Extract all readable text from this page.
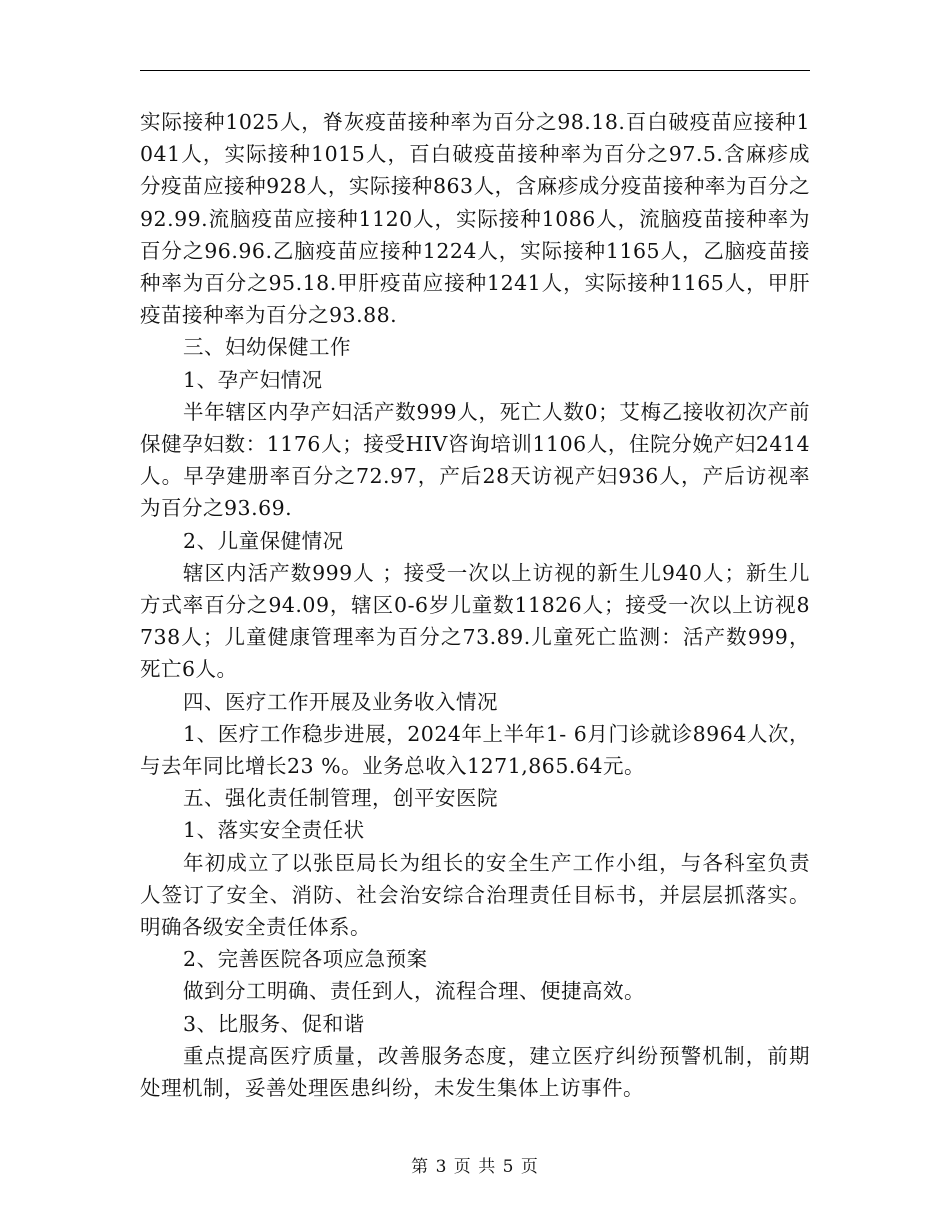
实际接种1025人，脊灰疫苗接种率为百分之98.18.百白破疫苗应接种1041人，实际接种1015人，百白破疫苗接种率为百分之97.5.含麻疹成分疫苗应接种928人，实际接种863人，含麻疹成分疫苗接种率为百分之92.99.流脑疫苗应接种1120人，实际接种1086人，流脑疫苗接种率为百分之96.96.乙脑疫苗应接种1224人，实际接种1165人，乙脑疫苗接种率为百分之95.18.甲肝疫苗应接种1241人，实际接种1165人，甲肝疫苗接种率为百分之93.88.

三、妇幼保健工作

1、孕产妇情况

半年辖区内孕产妇活产数999人，死亡人数0；艾梅乙接收初次产前保健孕妇数：1176人；接受HIV咨询培训1106人，住院分娩产妇2414人。早孕建册率百分之72.97，产后28天访视产妇936人，产后访视率为百分之93.69.

2、儿童保健情况

辖区内活产数999人 ；接受一次以上访视的新生儿940人；新生儿方式率百分之94.09，辖区0-6岁儿童数11826人；接受一次以上访视8738人；儿童健康管理率为百分之73.89.儿童死亡监测：活产数999，死亡6人。

四、医疗工作开展及业务收入情况

1、医疗工作稳步进展，2024年上半年1- 6月门诊就诊8964人次，与去年同比增长23 %。业务总收入1271,865.64元。

五、强化责任制管理，创平安医院

1、落实安全责任状

年初成立了以张臣局长为组长的安全生产工作小组，与各科室负责人签订了安全、消防、社会治安综合治理责任目标书，并层层抓落实。明确各级安全责任体系。

2、完善医院各项应急预案

做到分工明确、责任到人，流程合理、便捷高效。

3、比服务、促和谐

重点提高医疗质量，改善服务态度，建立医疗纠纷预警机制，前期处理机制，妥善处理医患纠纷，未发生集体上访事件。

第 3 页 共 5 页
